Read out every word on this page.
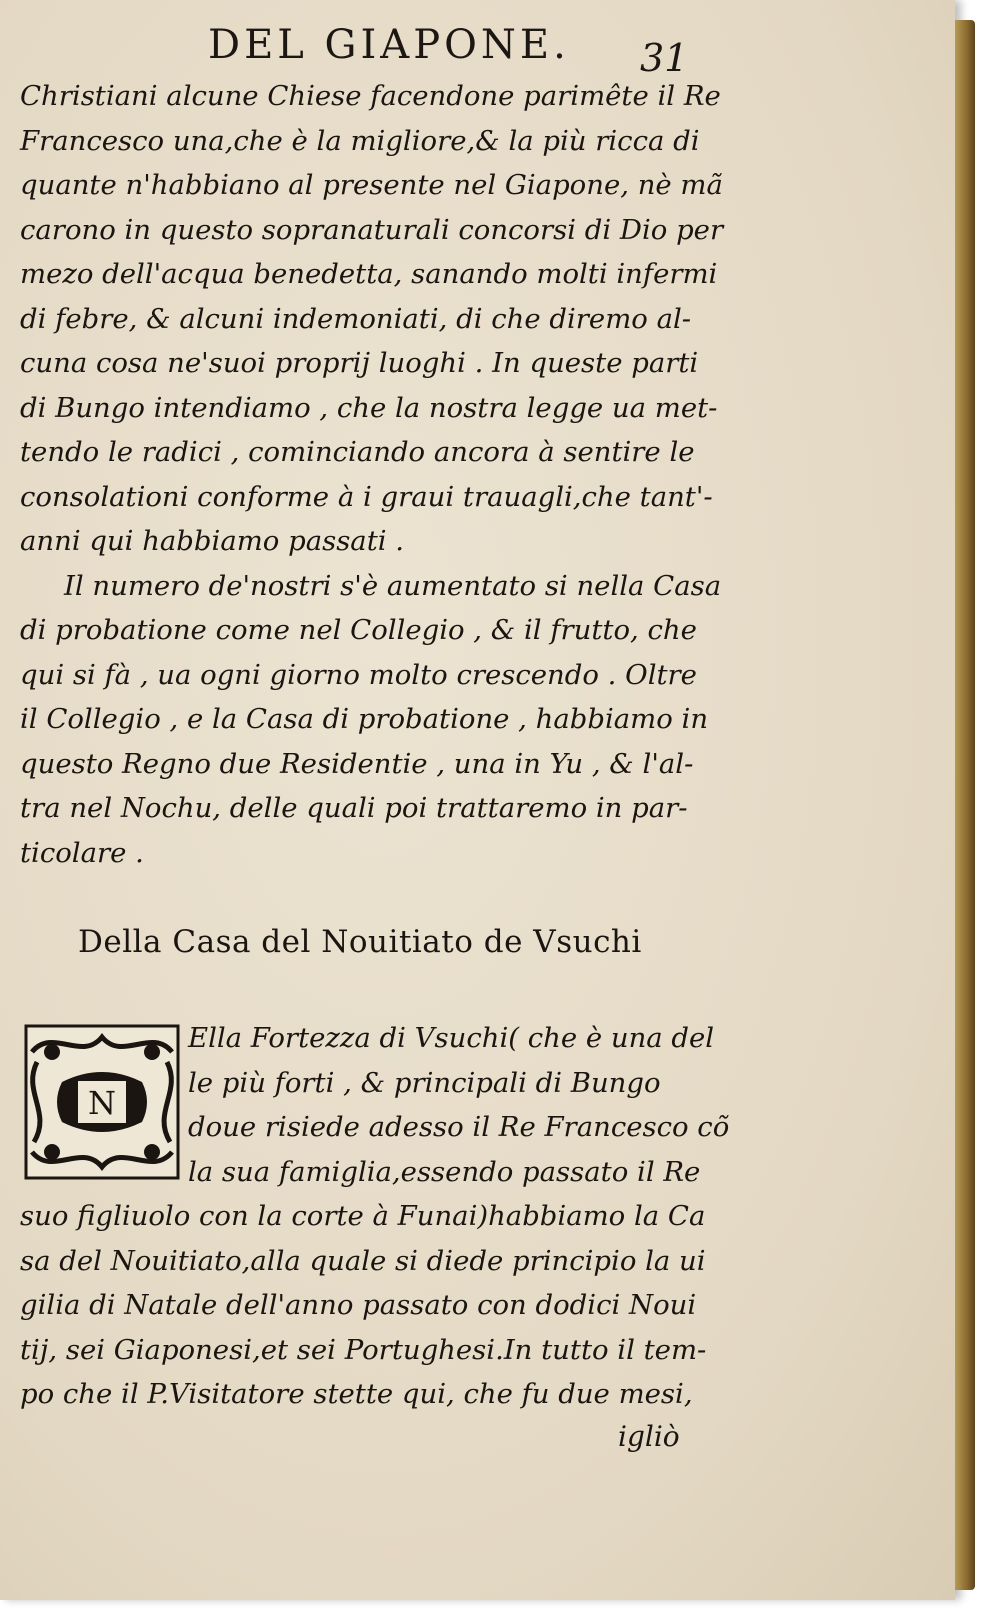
DEL GIAPONE. 31
Christiani alcune Chiese facendone parimête il Re
Francesco una,che è la migliore,& la più ricca di
quante n'habbiano al presente nel Giapone, nè mã
carono in questo sopranaturali concorsi di Dio per
mezo dell'acqua benedetta, sanando molti infermi
di febre, & alcuni indemoniati, di che diremo al-
cuna cosa ne'suoi proprij luoghi . In queste parti
di Bungo intendiamo , che la nostra legge ua met-
tendo le radici , cominciando ancora à sentire le
consolationi conforme à i graui trauagli,che tant'-
anni qui habbiamo passati .
Il numero de'nostri s'è aumentato si nella Casa
di probatione come nel Collegio , & il frutto, che
qui si fà , ua ogni giorno molto crescendo . Oltre
il Collegio , e la Casa di probatione , habbiamo in
questo Regno due Residentie , una in Yu , & l'al-
tra nel Nochu, delle quali poi trattaremo in par-
ticolare .
Della Casa del Nouitiato de Vsuchi
N
Ella Fortezza di Vsuchi( che è una del
le più forti , & principali di Bungo
doue risiede adesso il Re Francesco cõ
la sua famiglia,essendo passato il Re
suo figliuolo con la corte à Funai)habbiamo la Ca
sa del Nouitiato,alla quale si diede principio la ui
gilia di Natale dell'anno passato con dodici Noui
tij, sei Giaponesi,et sei Portughesi.In tutto il tem-
po che il P.Visitatore stette qui, che fu due mesi,
igliò
